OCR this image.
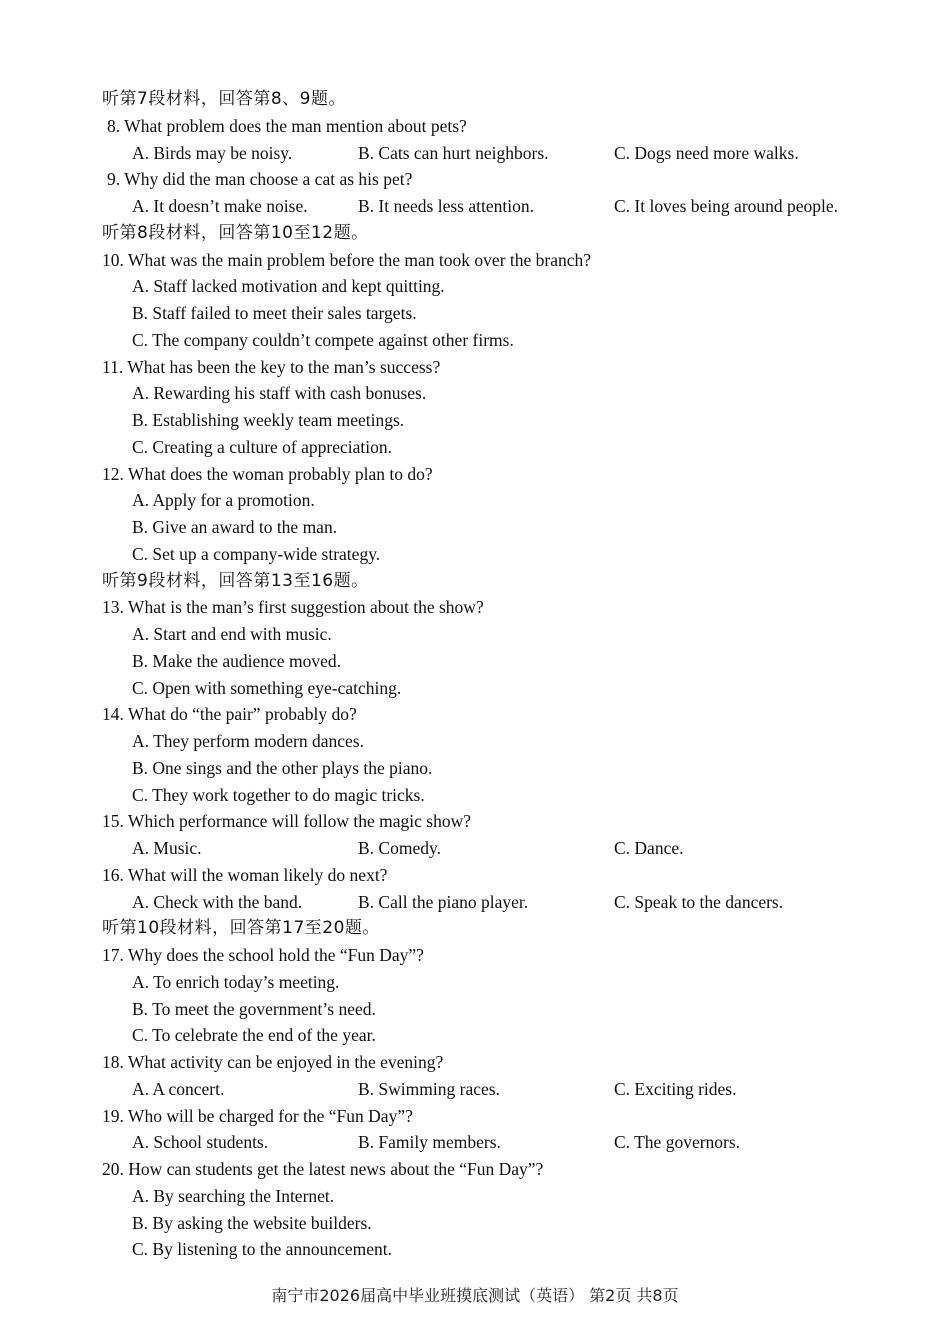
听第7段材料，回答第8、9题。
8. What problem does the man mention about pets?
A. Birds may be noisy.	B. Cats can hurt neighbors.	C. Dogs need more walks.
9. Why did the man choose a cat as his pet?
A. It doesn’t make noise.	B. It needs less attention.	C. It loves being around people.
听第8段材料，回答第10至12题。
10. What was the main problem before the man took over the branch?
A. Staff lacked motivation and kept quitting.
B. Staff failed to meet their sales targets.
C. The company couldn’t compete against other firms.
11. What has been the key to the man’s success?
A. Rewarding his staff with cash bonuses.
B. Establishing weekly team meetings.
C. Creating a culture of appreciation.
12. What does the woman probably plan to do?
A. Apply for a promotion.
B. Give an award to the man.
C. Set up a company-wide strategy.
听第9段材料，回答第13至16题。
13. What is the man’s first suggestion about the show?
A. Start and end with music.
B. Make the audience moved.
C. Open with something eye-catching.
14. What do “the pair” probably do?
A. They perform modern dances.
B. One sings and the other plays the piano.
C. They work together to do magic tricks.
15. Which performance will follow the magic show?
A. Music.	B. Comedy.	C. Dance.
16. What will the woman likely do next?
A. Check with the band.	B. Call the piano player.	C. Speak to the dancers.
听第10段材料，回答第17至20题。
17. Why does the school hold the “Fun Day”?
A. To enrich today’s meeting.
B. To meet the government’s need.
C. To celebrate the end of the year.
18. What activity can be enjoyed in the evening?
A. A concert.	B. Swimming races.	C. Exciting rides.
19. Who will be charged for the “Fun Day”?
A. School students.	B. Family members.	C. The governors.
20. How can students get the latest news about the “Fun Day”?
A. By searching the Internet.
B. By asking the website builders.
C. By listening to the announcement.
南宁市2026届高中毕业班摸底测试（英语） 第2页 共8页
